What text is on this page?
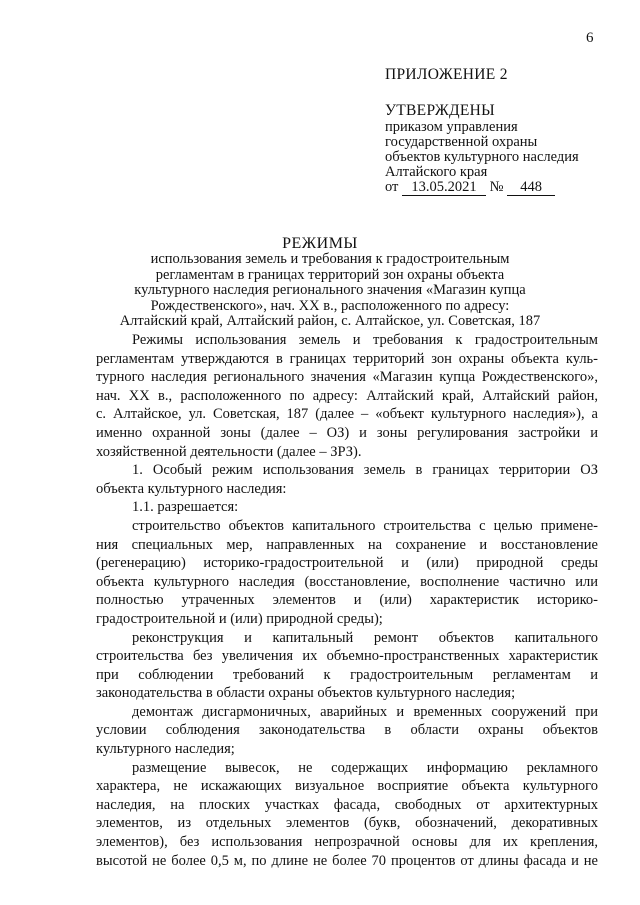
6
ПРИЛОЖЕНИЕ 2
УТВЕРЖДЕНЫ
приказом управления
государственной охраны
объектов культурного наследия
Алтайского края
от 13.05.2021 № 448
РЕЖИМЫ
использования земель и требования к градостроительным
регламентам в границах территорий зон охраны объекта
культурного наследия регионального значения «Магазин купца
Рождественского», нач. XX в., расположенного по адресу:
Алтайский край, Алтайский район, с. Алтайское, ул. Советская, 187
Режимы использования земель и требования к градостроительным
регламентам утверждаются в границах территорий зон охраны объекта куль-
турного наследия регионального значения «Магазин купца Рождественского»,
нач. XX в., расположенного по адресу: Алтайский край, Алтайский район,
с. Алтайское, ул. Советская, 187 (далее – «объект культурного наследия»), а
именно охранной зоны (далее – ОЗ) и зоны регулирования застройки и
хозяйственной деятельности (далее – ЗРЗ).
1. Особый режим использования земель в границах территории ОЗ
объекта культурного наследия:
1.1. разрешается:
строительство объектов капитального строительства с целью примене-
ния специальных мер, направленных на сохранение и восстановление
(регенерацию) историко-градостроительной и (или) природной среды
объекта культурного наследия (восстановление, восполнение частично или
полностью утраченных элементов и (или) характеристик историко-
градостроительной и (или) природной среды);
реконструкция и капитальный ремонт объектов капитального
строительства без увеличения их объемно-пространственных характеристик
при соблюдении требований к градостроительным регламентам и
законодательства в области охраны объектов культурного наследия;
демонтаж дисгармоничных, аварийных и временных сооружений при
условии соблюдения законодательства в области охраны объектов
культурного наследия;
размещение вывесок, не содержащих информацию рекламного
характера, не искажающих визуальное восприятие объекта культурного
наследия, на плоских участках фасада, свободных от архитектурных
элементов, из отдельных элементов (букв, обозначений, декоративных
элементов), без использования непрозрачной основы для их крепления,
высотой не более 0,5 м, по длине не более 70 процентов от длины фасада и не
